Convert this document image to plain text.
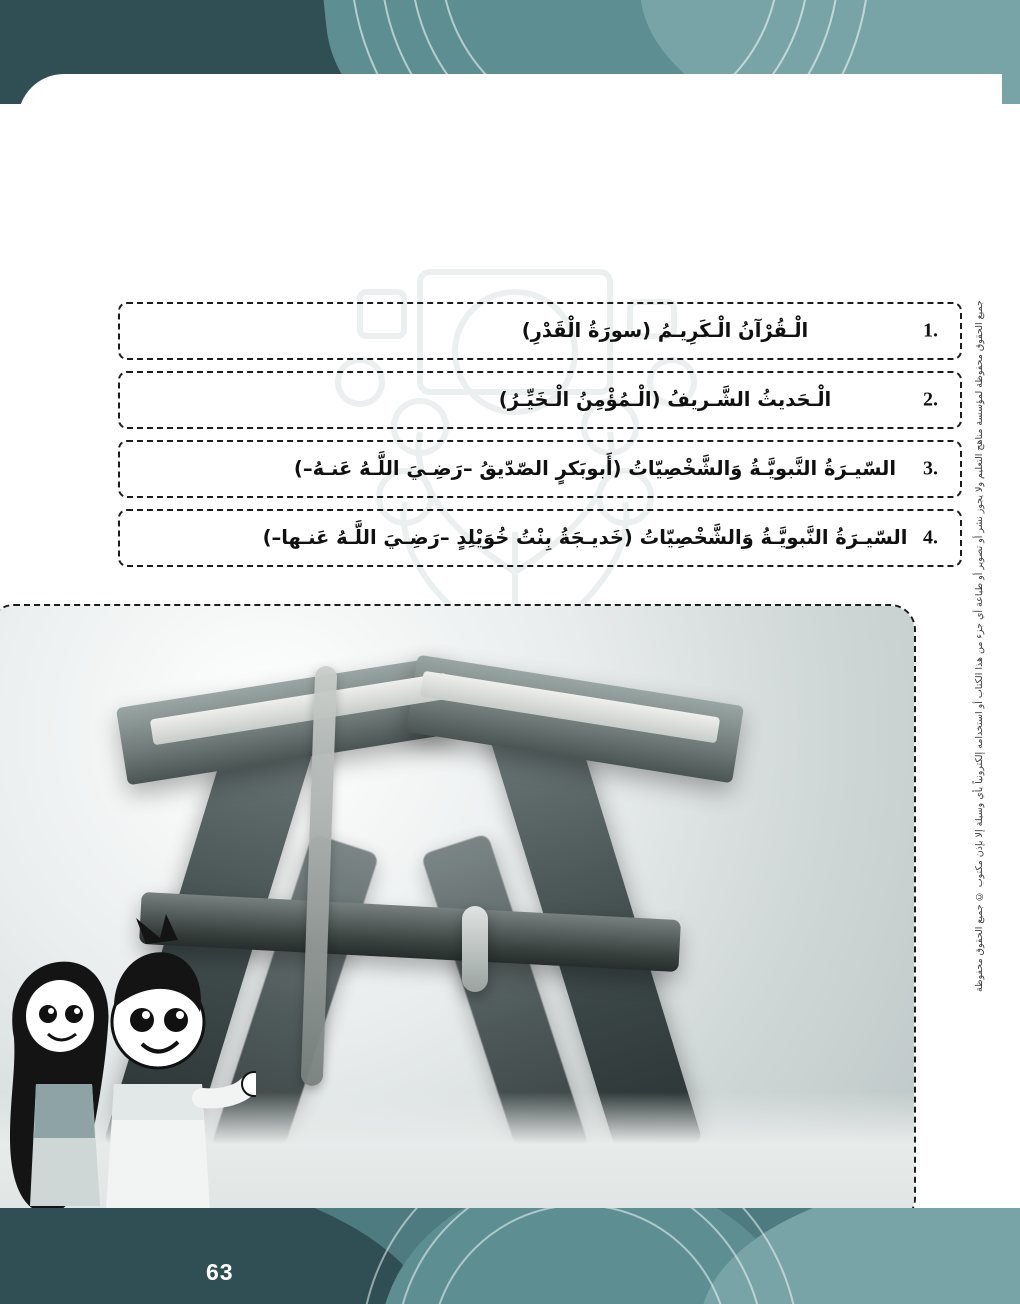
جميع الحقوق محفوظة لمؤسسة مناهج التعليم ولا يجوز نشر أو تصوير أو طباعة أي جزء من هذا الكتاب أو استخدامه إلكترونياً بأي وسيلة إلا بإذن مكتوب © جميع الحقوق محفوظة
1.
الْـقُرْآنُ الْـكَرِيـمُ (سورَةُ الْقَدْرِ)
2.
الْـحَديثُ الشَّـريفُ (الْـمُؤْمِنُ الْـخَيِّـرُ)
3.
السّيـرَةُ النَّبويَّـةُ وَالشَّخْصِيّاتُ (أَبوبَكرٍ الصّدّيقُ –رَضِـيَ اللَّـهُ عَنـهُ–)
4.
السّيـرَةُ النَّبويَّـةُ وَالشَّخْصِيّاتُ (خَديـجَةُ بِنْتُ خُوَيْلِدٍ –رَضِـيَ اللَّـهُ عَنـها–)
63
